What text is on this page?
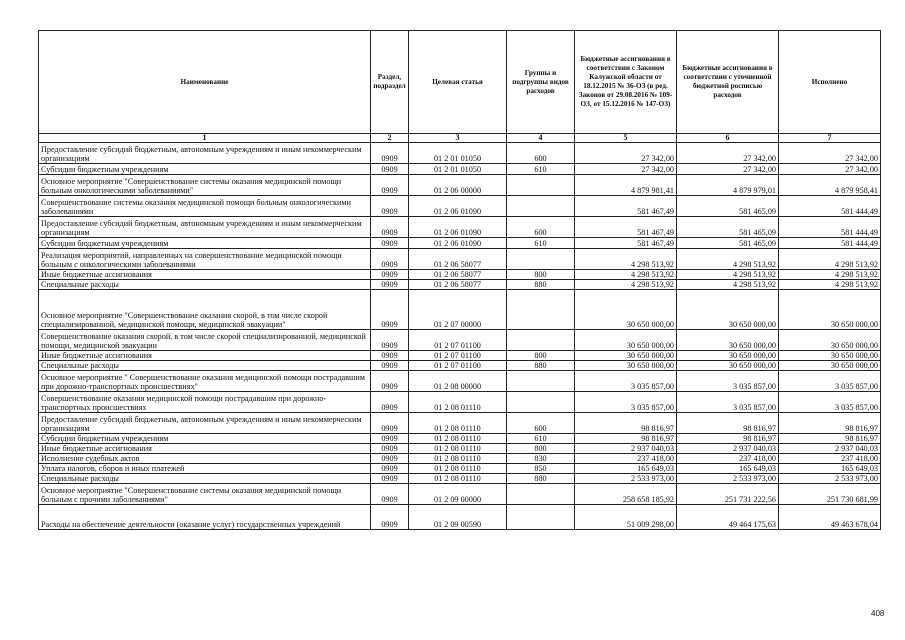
Наименование	Раздел, подраздел	Целевая статья	Группы и подгруппы видов расходов	Бюджетные ассигнования в соответствии с Законом Калужской области от 18.12.2015 № 36-ОЗ (в ред. Законов от 29.08.2016 № 109-ОЗ, от 15.12.2016 № 147-ОЗ)	Бюджетные ассигнования в соответствии с уточненной бюджетной росписью расходов	Исполнено
1	2	3	4	5	6	7
Предоставление субсидий бюджетным, автономным учреждениям и иным некоммерческим организациям	0909	01 2 01 01050	600	27 342,00	27 342,00	27 342,00
Субсидии бюджетным учреждениям	0909	01 2 01 01050	610	27 342,00	27 342,00	27 342,00
Основное мероприятие "Совершенствование системы оказания медицинской помощи больным онкологическими заболеваниями"	0909	01 2 06 00000		4 879 981,41	4 879 979,01	4 879 958,41
Совершенствование системы оказания медицинской помощи больным онкологическими заболеваниями	0909	01 2 06 01090		581 467,49	581 465,09	581 444,49
Предоставление субсидий бюджетным, автономным учреждениям и иным некоммерческим организациям	0909	01 2 06 01090	600	581 467,49	581 465,09	581 444,49
Субсидии бюджетным учреждениям	0909	01 2 06 01090	610	581 467,49	581 465,09	581 444,49
Реализация мероприятий, направленных на совершенствование медицинской помощи больным с онкологическими заболеваниями	0909	01 2 06 58077		4 298 513,92	4 298 513,92	4 298 513,92
Иные бюджетные ассигнования	0909	01 2 06 58077	800	4 298 513,92	4 298 513,92	4 298 513,92
Специальные расходы	0909	01 2 06 58077	880	4 298 513,92	4 298 513,92	4 298 513,92
Основное мероприятие "Совершенствование оказания скорой, в том числе скорой специализированной, медицинской помощи, медицинской эвакуации"	0909	01 2 07 00000		30 650 000,00	30 650 000,00	30 650 000,00
Совершенствование оказания скорой, в том числе скорой специализированной, медицинской помощи, медицинской эвакуации	0909	01 2 07 01100		30 650 000,00	30 650 000,00	30 650 000,00
Иные бюджетные ассигнования	0909	01 2 07 01100	800	30 650 000,00	30 650 000,00	30 650 000,00
Специальные расходы	0909	01 2 07 01100	880	30 650 000,00	30 650 000,00	30 650 000,00
Основное мероприятие " Совершенствование оказания медицинской помощи пострадавшим при дорожно-транспортных происшествиях"	0909	01 2 08 00000		3 035 857,00	3 035 857,00	3 035 857,00
Совершенствование оказания медицинской помощи пострадавшим при дорожно-транспортных происшествиях	0909	01 2 08 01110		3 035 857,00	3 035 857,00	3 035 857,00
Предоставление субсидий бюджетным, автономным учреждениям и иным некоммерческим организациям	0909	01 2 08 01110	600	98 816,97	98 816,97	98 816,97
Субсидии бюджетным учреждениям	0909	01 2 08 01110	610	98 816,97	98 816,97	98 816,97
Иные бюджетные ассигнования	0909	01 2 08 01110	800	2 937 040,03	2 937 040,03	2 937 040,03
Исполнение судебных актов	0909	01 2 08 01110	830	237 418,00	237 418,00	237 418,00
Уплата налогов, сборов и иных платежей	0909	01 2 08 01110	850	165 649,03	165 649,03	165 649,03
Специальные расходы	0909	01 2 08 01110	880	2 533 973,00	2 533 973,00	2 533 973,00
Основное мероприятие "Совершенствование системы оказания медицинской помощи больным с прочими заболеваниями"	0909	01 2 09 00000		258 658 185,92	251 731 222,56	251 730 681,99
Расходы на обеспечение деятельности (оказание услуг) государственных учреждений	0909	01 2 09 00590		51 009 298,00	49 464 175,63	49 463 678,04
408
